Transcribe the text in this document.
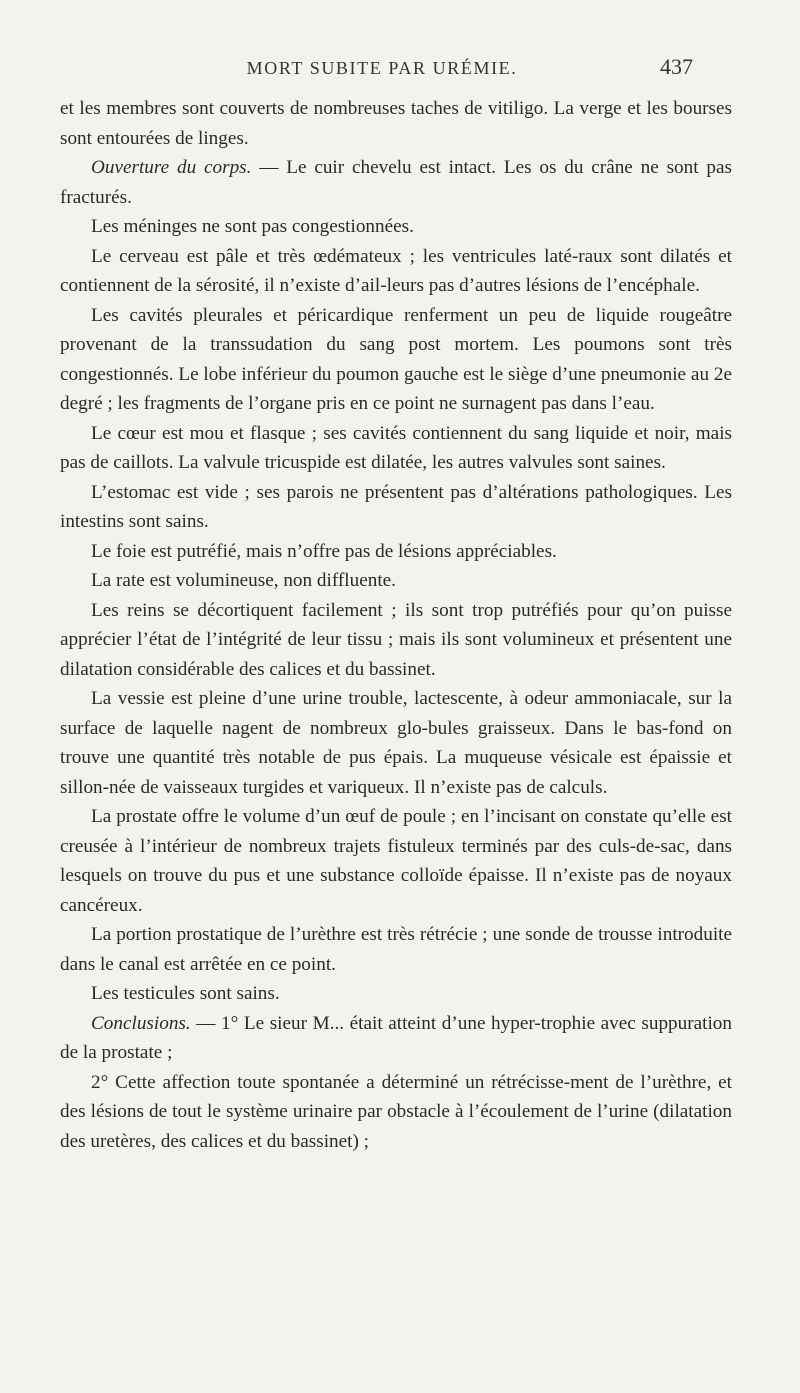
MORT SUBITE PAR URÉMIE.	437

et les membres sont couverts de nombreuses taches de vitiligo. La verge et les bourses sont entourées de linges.

Ouverture du corps. — Le cuir chevelu est intact. Les os du crâne ne sont pas fracturés.

Les méninges ne sont pas congestionnées.

Le cerveau est pâle et très œdémateux ; les ventricules laté-raux sont dilatés et contiennent de la sérosité, il n’existe d’ail-leurs pas d’autres lésions de l’encéphale.

Les cavités pleurales et péricardique renferment un peu de liquide rougeâtre provenant de la transsudation du sang post mortem. Les poumons sont très congestionnés. Le lobe inférieur du poumon gauche est le siège d’une pneumonie au 2e degré ; les fragments de l’organe pris en ce point ne surnagent pas dans l’eau.

Le cœur est mou et flasque ; ses cavités contiennent du sang liquide et noir, mais pas de caillots. La valvule tricuspide est dilatée, les autres valvules sont saines.

L’estomac est vide ; ses parois ne présentent pas d’altérations pathologiques. Les intestins sont sains.

Le foie est putréfié, mais n’offre pas de lésions appréciables.

La rate est volumineuse, non diffluente.

Les reins se décortiquent facilement ; ils sont trop putréfiés pour qu’on puisse apprécier l’état de l’intégrité de leur tissu ; mais ils sont volumineux et présentent une dilatation considérable des calices et du bassinet.

La vessie est pleine d’une urine trouble, lactescente, à odeur ammoniacale, sur la surface de laquelle nagent de nombreux glo-bules graisseux. Dans le bas-fond on trouve une quantité très notable de pus épais. La muqueuse vésicale est épaissie et sillon-née de vaisseaux turgides et variqueux. Il n’existe pas de calculs.

La prostate offre le volume d’un œuf de poule ; en l’incisant on constate qu’elle est creusée à l’intérieur de nombreux trajets fistuleux terminés par des culs-de-sac, dans lesquels on trouve du pus et une substance colloïde épaisse. Il n’existe pas de noyaux cancéreux.

La portion prostatique de l’urèthre est très rétrécie ; une sonde de trousse introduite dans le canal est arrêtée en ce point.

Les testicules sont sains.

Conclusions. — 1° Le sieur M... était atteint d’une hyper-trophie avec suppuration de la prostate ;

2° Cette affection toute spontanée a déterminé un rétrécisse-ment de l’urèthre, et des lésions de tout le système urinaire par obstacle à l’écoulement de l’urine (dilatation des uretères, des calices et du bassinet) ;
